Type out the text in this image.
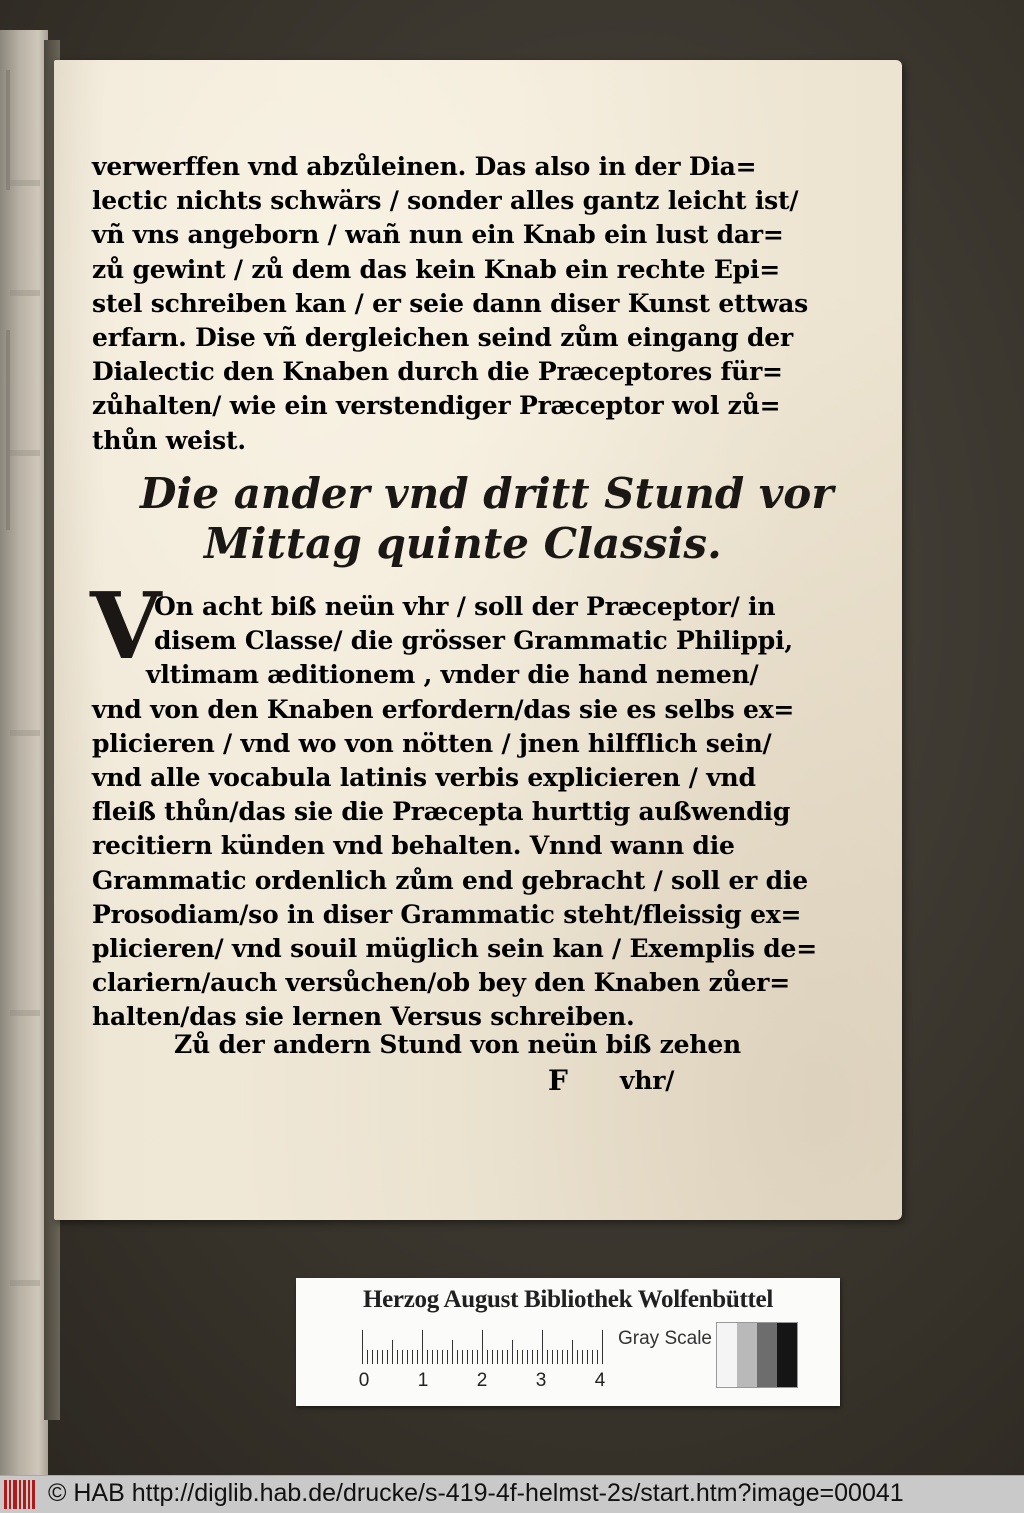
verwerffen vnd abzůleinen. Das also in der Dia=
lectic nichts schwärs / sonder alles gantz leicht ist/
vñ vns angeborn / wañ nun ein Knab ein lust dar=
zů gewint / zů dem das kein Knab ein rechte Epi=
stel schreiben kan / er seie dann diser Kunst ettwas
erfarn. Dise vñ dergleichen seind zům eingang der
Dialectic den Knaben durch die Præceptores für=
zůhalten/ wie ein verstendiger Præceptor wol zů=
thůn weist.
Die ander vnd dritt Stund vor
Mittag quinte Classis.
V
On acht biß neün vhr / soll der Præceptor/ in
disem Classe/ die grösser Grammatic Philippi,
vltimam æditionem , vnder die hand nemen/
vnd von den Knaben erfordern/das sie es selbs ex=
plicieren / vnd wo von nötten / jnen hilfflich sein/
vnd alle vocabula latinis verbis explicieren / vnd
fleiß thůn/das sie die Præcepta hurttig außwendig
recitiern künden vnd behalten. Vnnd wann die
Grammatic ordenlich zům end gebracht / soll er die
Prosodiam/so in diser Grammatic steht/fleissig ex=
plicieren/ vnd souil müglich sein kan / Exemplis de=
clariern/auch versůchen/ob bey den Knaben zůer=
halten/das sie lernen Versus schreiben.
Zů der andern Stund von neün biß zehen
F	vhr/
Herzog August Bibliothek Wolfenbüttel
0	1	2	3	4
Gray Scale
© HAB http://diglib.hab.de/drucke/s-419-4f-helmst-2s/start.htm?image=00041
